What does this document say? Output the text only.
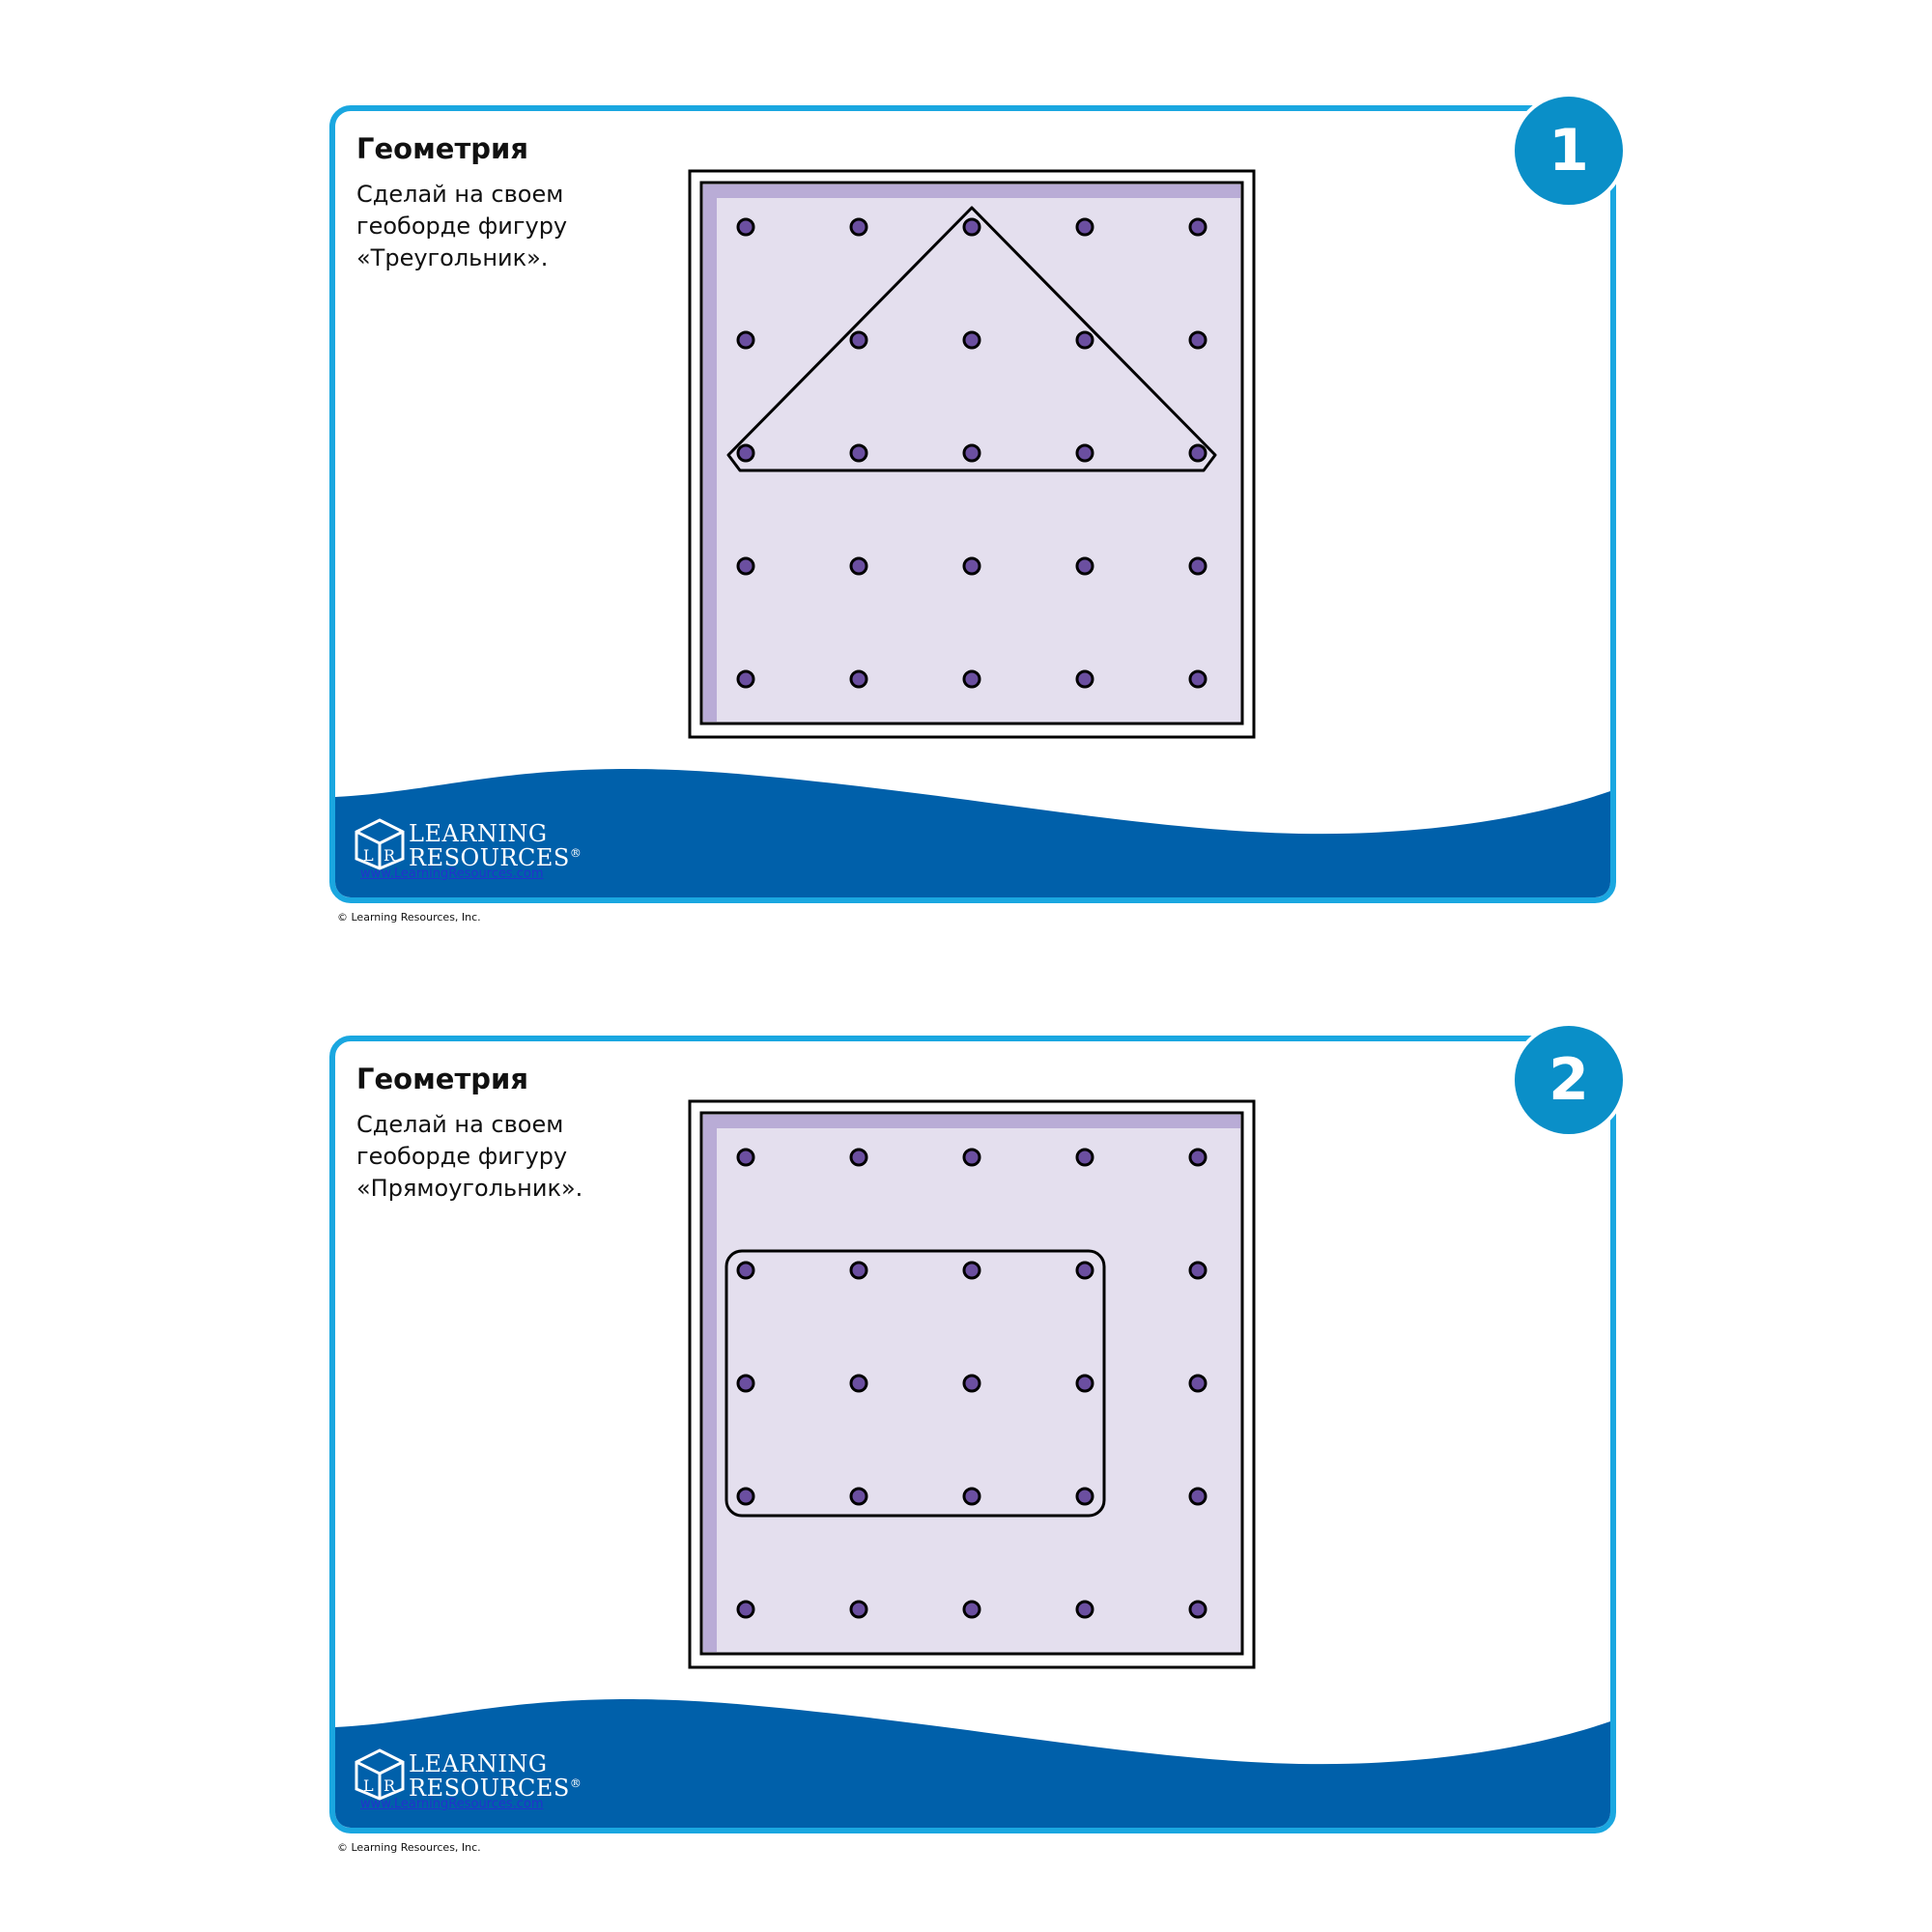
Геометрия
Сделай на своем
геоборде фигуру
«Треугольник».
L R
LEARNING
RESOURCES®
www.LearningResources.com
1
© Learning Resources, Inc.
Геометрия
Сделай на своем
геоборде фигуру
«Прямоугольник».
L R
LEARNING
RESOURCES®
www.LearningResources.com
2
© Learning Resources, Inc.
